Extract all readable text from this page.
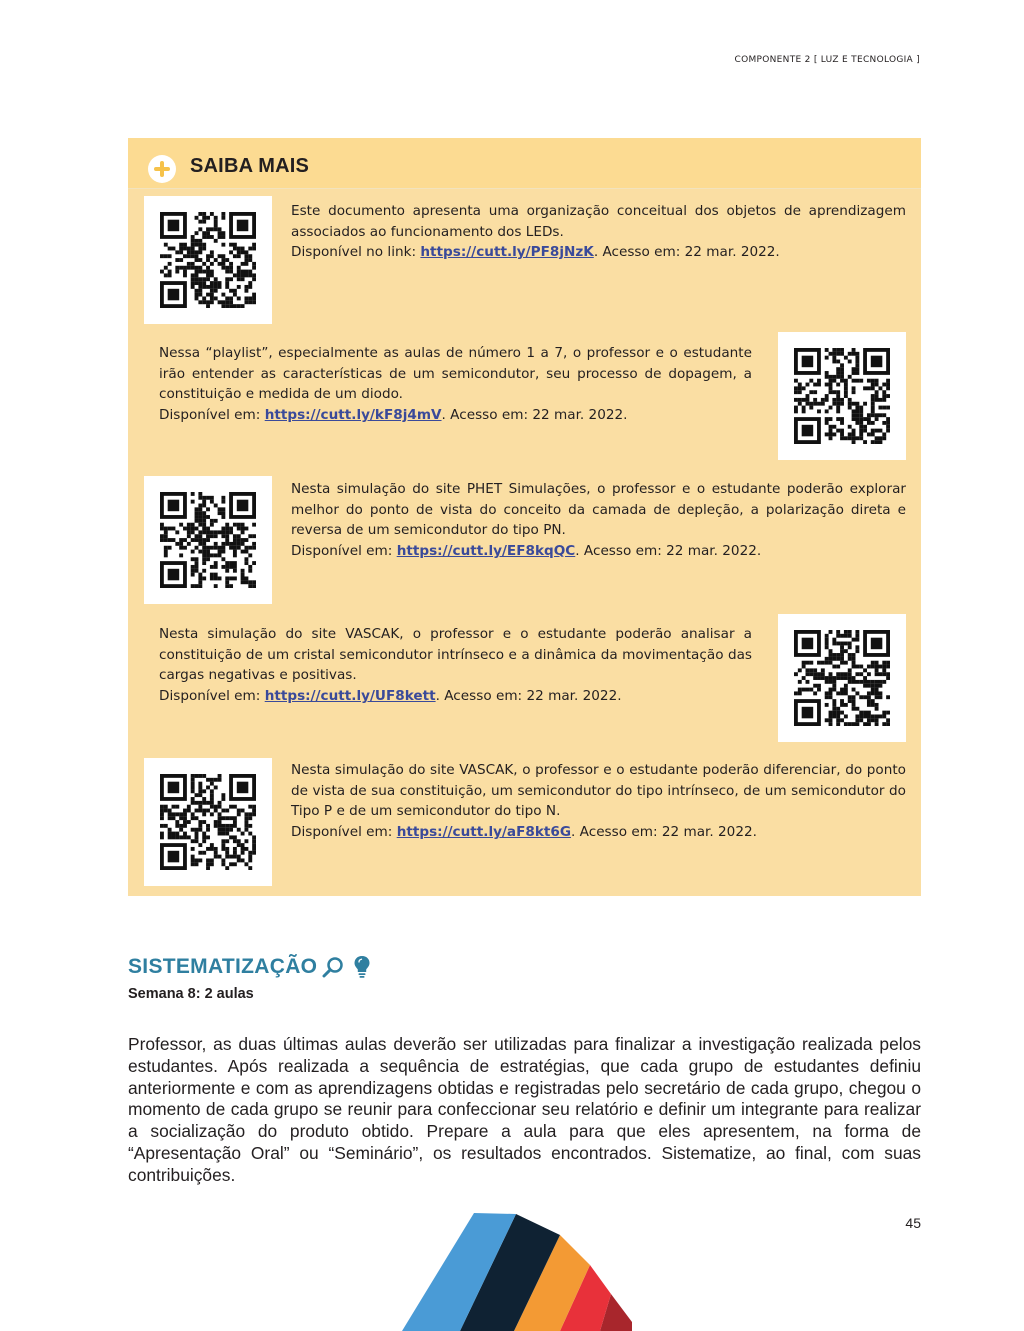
COMPONENTE 2 [ LUZ E TECNOLOGIA ]
SAIBA MAIS

Este documento apresenta uma organização conceitual dos objetos de aprendizagem associados ao funcionamento dos LEDs.

Disponível no link: https://cutt.ly/PF8jNzK. Acesso em: 22 mar. 2022.

Nessa “playlist”, especialmente as aulas de número 1 a 7, o professor e o estudante irão entender as características de um semicondutor, seu processo de dopagem, a constituição e medida de um diodo.

Disponível em: https://cutt.ly/kF8j4mV. Acesso em: 22 mar. 2022.

Nesta simulação do site PHET Simulações, o professor e o estudante poderão explorar melhor do ponto de vista do conceito da camada de depleção, a polarização direta e reversa de um semicondutor do tipo PN.

Disponível em: https://cutt.ly/EF8kqQC. Acesso em: 22 mar. 2022.

Nesta simulação do site VASCAK, o professor e o estudante poderão analisar a constituição de um cristal semicondutor intrínseco e a dinâmica da movimentação das cargas negativas e positivas.

Disponível em: https://cutt.ly/UF8kett. Acesso em: 22 mar. 2022.

Nesta simulação do site VASCAK, o professor e o estudante poderão diferenciar, do ponto de vista de sua constituição, um semicondutor do tipo intrínseco, de um semicondutor do Tipo P e de um semicondutor do tipo N.

Disponível em: https://cutt.ly/aF8kt6G. Acesso em: 22 mar. 2022.

SISTEMATIZAÇÃO
Semana 8: 2 aulas
Professor, as duas últimas aulas deverão ser utilizadas para finalizar a investigação realizada pelos estudantes. Após realizada a sequência de estratégias, que cada grupo de estudantes definiu anteriormente e com as aprendizagens obtidas e registradas pelo secretário de cada grupo, chegou o momento de cada grupo se reunir para confeccionar seu relatório e definir um integrante para realizar a socialização do produto obtido. Prepare a aula para que eles apresentem, na forma de “Apresentação Oral” ou “Seminário”, os resultados encontrados. Sistematize, ao final, com suas contribuições.
45
